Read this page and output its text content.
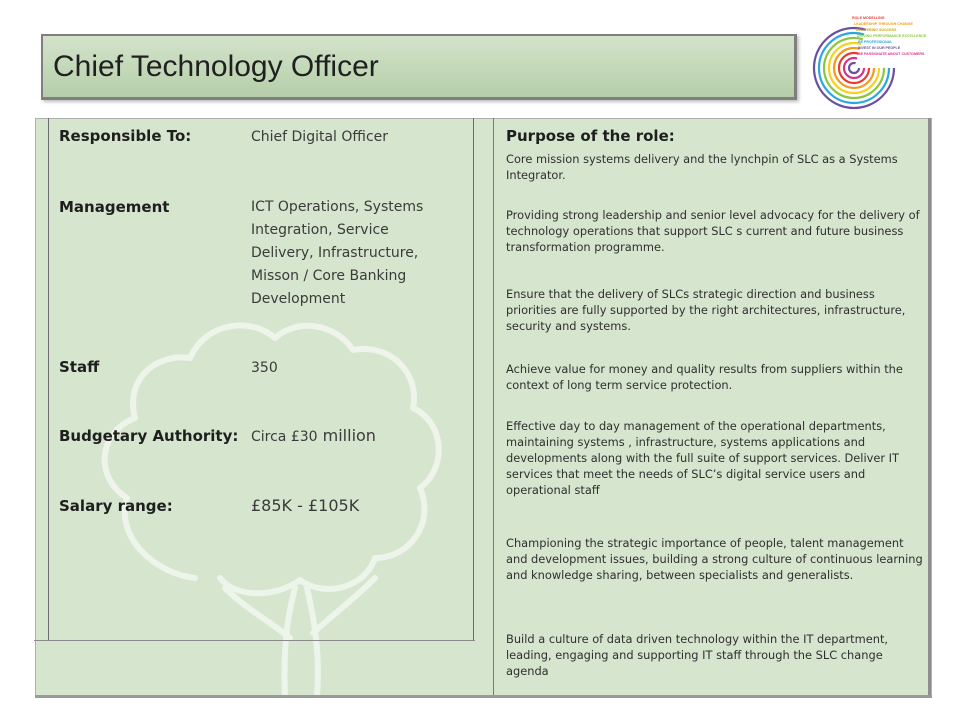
Chief Technology Officer
ROLE MODELLING
LEADERSHIP THROUGH CHANGE
DELIVERING SUCCESS
DRIVING PERFORMANCE EXCELLENCE
BE PROFESSIONAL
INVEST IN OUR PEOPLE
BE PASSIONATE ABOUT CUSTOMERS
Responsible To:	Chief Digital Officer
Management	ICT Operations, Systems Integration, Service Delivery, Infrastructure, Misson / Core Banking Development
Staff	350
Budgetary Authority: Circa £30 million
Salary range:	£85K - £105K
Purpose of the role:

Core mission systems delivery and the lynchpin of SLC as a Systems Integrator.

Providing strong leadership and senior level advocacy for the delivery of technology operations that support SLC s current and future business transformation programme.

Ensure that the delivery of SLCs strategic direction and business priorities are fully supported by the right architectures, infrastructure, security and systems.

Achieve value for money and quality results from suppliers within the context of long term service protection.

Effective day to day management of the operational departments, maintaining systems , infrastructure, systems applications and developments along with the full suite of support services. Deliver IT services that meet the needs of SLC’s digital service users and operational staff

Championing the strategic importance of people, talent management and development issues, building a strong culture of continuous learning and knowledge sharing, between specialists and generalists.

Build a culture of data driven technology within the IT department, leading, engaging and supporting IT staff through the SLC change agenda
